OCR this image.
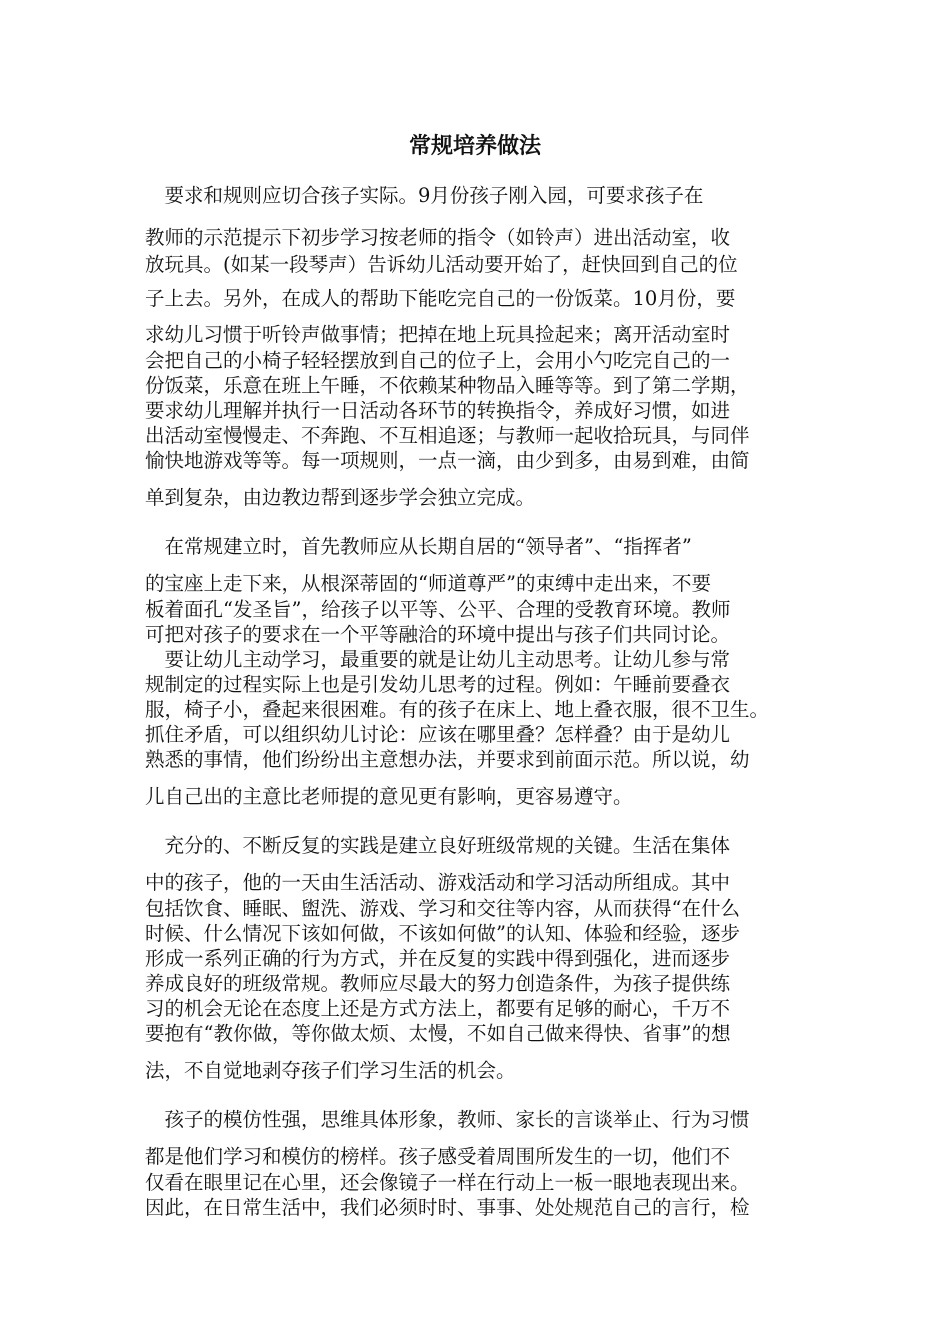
常规培养做法

　要求和规则应切合孩子实际。9月份孩子刚入园，可要求孩子在

教师的示范提示下初步学习按老师的指令（如铃声）进出活动室，收

放玩具。(如某一段琴声）告诉幼儿活动要开始了，赶快回到自己的位

子上去。另外，在成人的帮助下能吃完自己的一份饭菜。10月份，要

求幼儿习惯于听铃声做事情；把掉在地上玩具捡起来；离开活动室时

会把自己的小椅子轻轻摆放到自己的位子上，会用小勺吃完自己的一

份饭菜，乐意在班上午睡，不依赖某种物品入睡等等。到了第二学期，

要求幼儿理解并执行一日活动各环节的转换指令，养成好习惯，如进

出活动室慢慢走、不奔跑、不互相追逐；与教师一起收拾玩具，与同伴

愉快地游戏等等。每一项规则，一点一滴，由少到多，由易到难，由简

单到复杂，由边教边帮到逐步学会独立完成。

　在常规建立时，首先教师应从长期自居的“领导者”、“指挥者”

的宝座上走下来，从根深蒂固的“师道尊严”的束缚中走出来，不要

板着面孔“发圣旨”，给孩子以平等、公平、合理的受教育环境。教师

可把对孩子的要求在一个平等融洽的环境中提出与孩子们共同讨论。

　要让幼儿主动学习，最重要的就是让幼儿主动思考。让幼儿参与常

规制定的过程实际上也是引发幼儿思考的过程。例如：午睡前要叠衣

服，椅子小，叠起来很困难。有的孩子在床上、地上叠衣服，很不卫生。

抓住矛盾，可以组织幼儿讨论：应该在哪里叠？怎样叠？由于是幼儿

熟悉的事情，他们纷纷出主意想办法，并要求到前面示范。所以说，幼

儿自己出的主意比老师提的意见更有影响，更容易遵守。

　充分的、不断反复的实践是建立良好班级常规的关键。生活在集体

中的孩子，他的一天由生活活动、游戏活动和学习活动所组成。其中

包括饮食、睡眠、盥洗、游戏、学习和交往等内容，从而获得“在什么

时候、什么情况下该如何做，不该如何做”的认知、体验和经验，逐步

形成一系列正确的行为方式，并在反复的实践中得到强化，进而逐步

养成良好的班级常规。教师应尽最大的努力创造条件，为孩子提供练

习的机会无论在态度上还是方式方法上，都要有足够的耐心，千万不

要抱有“教你做，等你做太烦、太慢，不如自己做来得快、省事”的想

法，不自觉地剥夺孩子们学习生活的机会。

　孩子的模仿性强，思维具体形象，教师、家长的言谈举止、行为习惯

都是他们学习和模仿的榜样。孩子感受着周围所发生的一切，他们不

仅看在眼里记在心里，还会像镜子一样在行动上一板一眼地表现出来。

因此，在日常生活中，我们必须时时、事事、处处规范自己的言行，检
